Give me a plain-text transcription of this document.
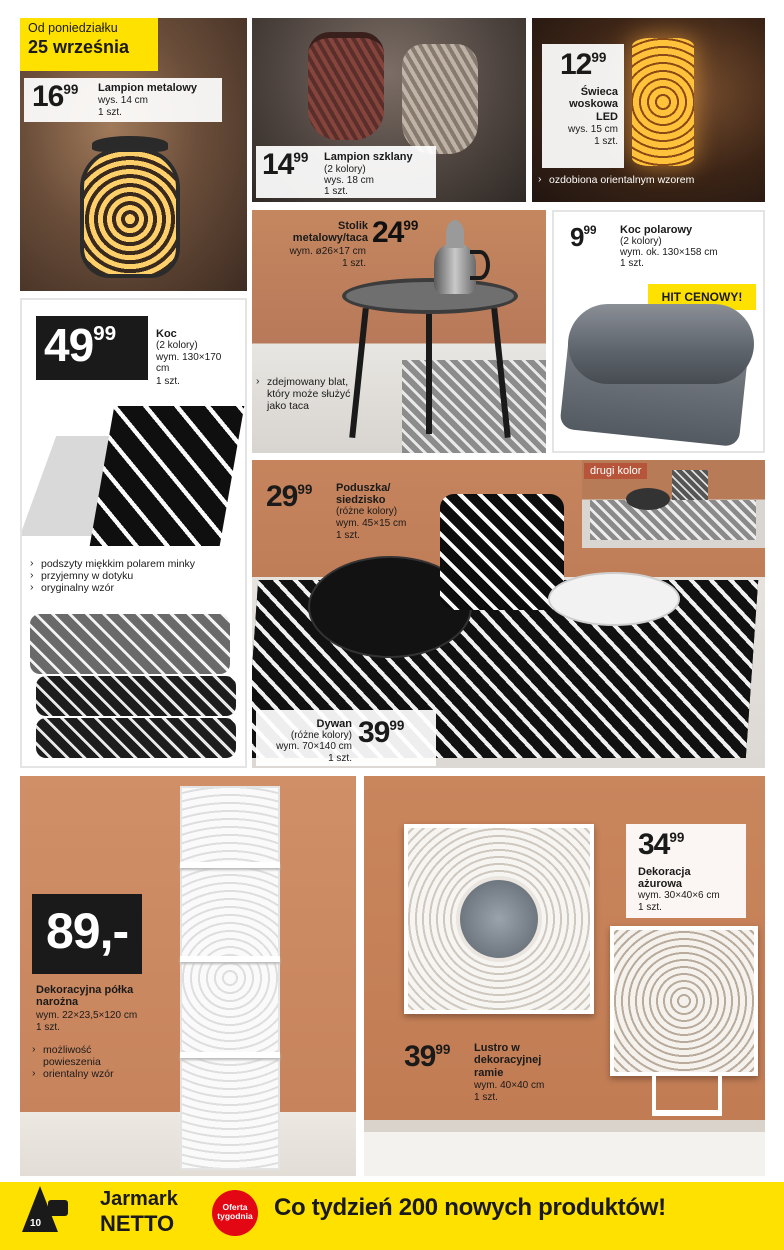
Od poniedziałku
25 września
$16^{99}$ Lampion metalowy
wys. 14 cm
1 szt.
$14^{99}$ Lampion szklany
(2 kolory)
wys. 18 cm
1 szt.
$12^{99}$
Świeca woskowa LED
wys. 15 cm
1 szt.
› ozdobiona orientalnym wzorem
Stolik metalowy/taca $24^{99}$
wym. ø26×17 cm
1 szt.
› zdejmowany blat, który może służyć jako taca
$9^{99}$ Koc polarowy
(2 kolory)
wym. ok. 130×158 cm
1 szt.
HIT CENOWY!
$49^{99}$	Koc
(2 kolory)
wym. 130×170 cm
1 szt.
› podszyty miękkim polarem minky
› przyjemny w dotyku
› oryginalny wzór
drugi kolor
$29^{99}$ Poduszka/ siedzisko
(różne kolory)
wym. 45×15 cm
1 szt.
Dywan
(różne kolory)
wym. 70×140 cm
1 szt.
$39^{99}$
89,-
Dekoracyjna półka narożna
wym. 22×23,5×120 cm
1 szt.
› możliwość powieszenia
› orientalny wzór
$34^{99}$
Dekoracja ażurowa
wym. 30×40×6 cm
1 szt.
$39^{99}$ Lustro w dekoracyjnej ramie
wym. 40×40 cm
1 szt.
10
Jarmark
NETTO
Oferta
tygodnia Co tydzień 200 nowych produktów!
